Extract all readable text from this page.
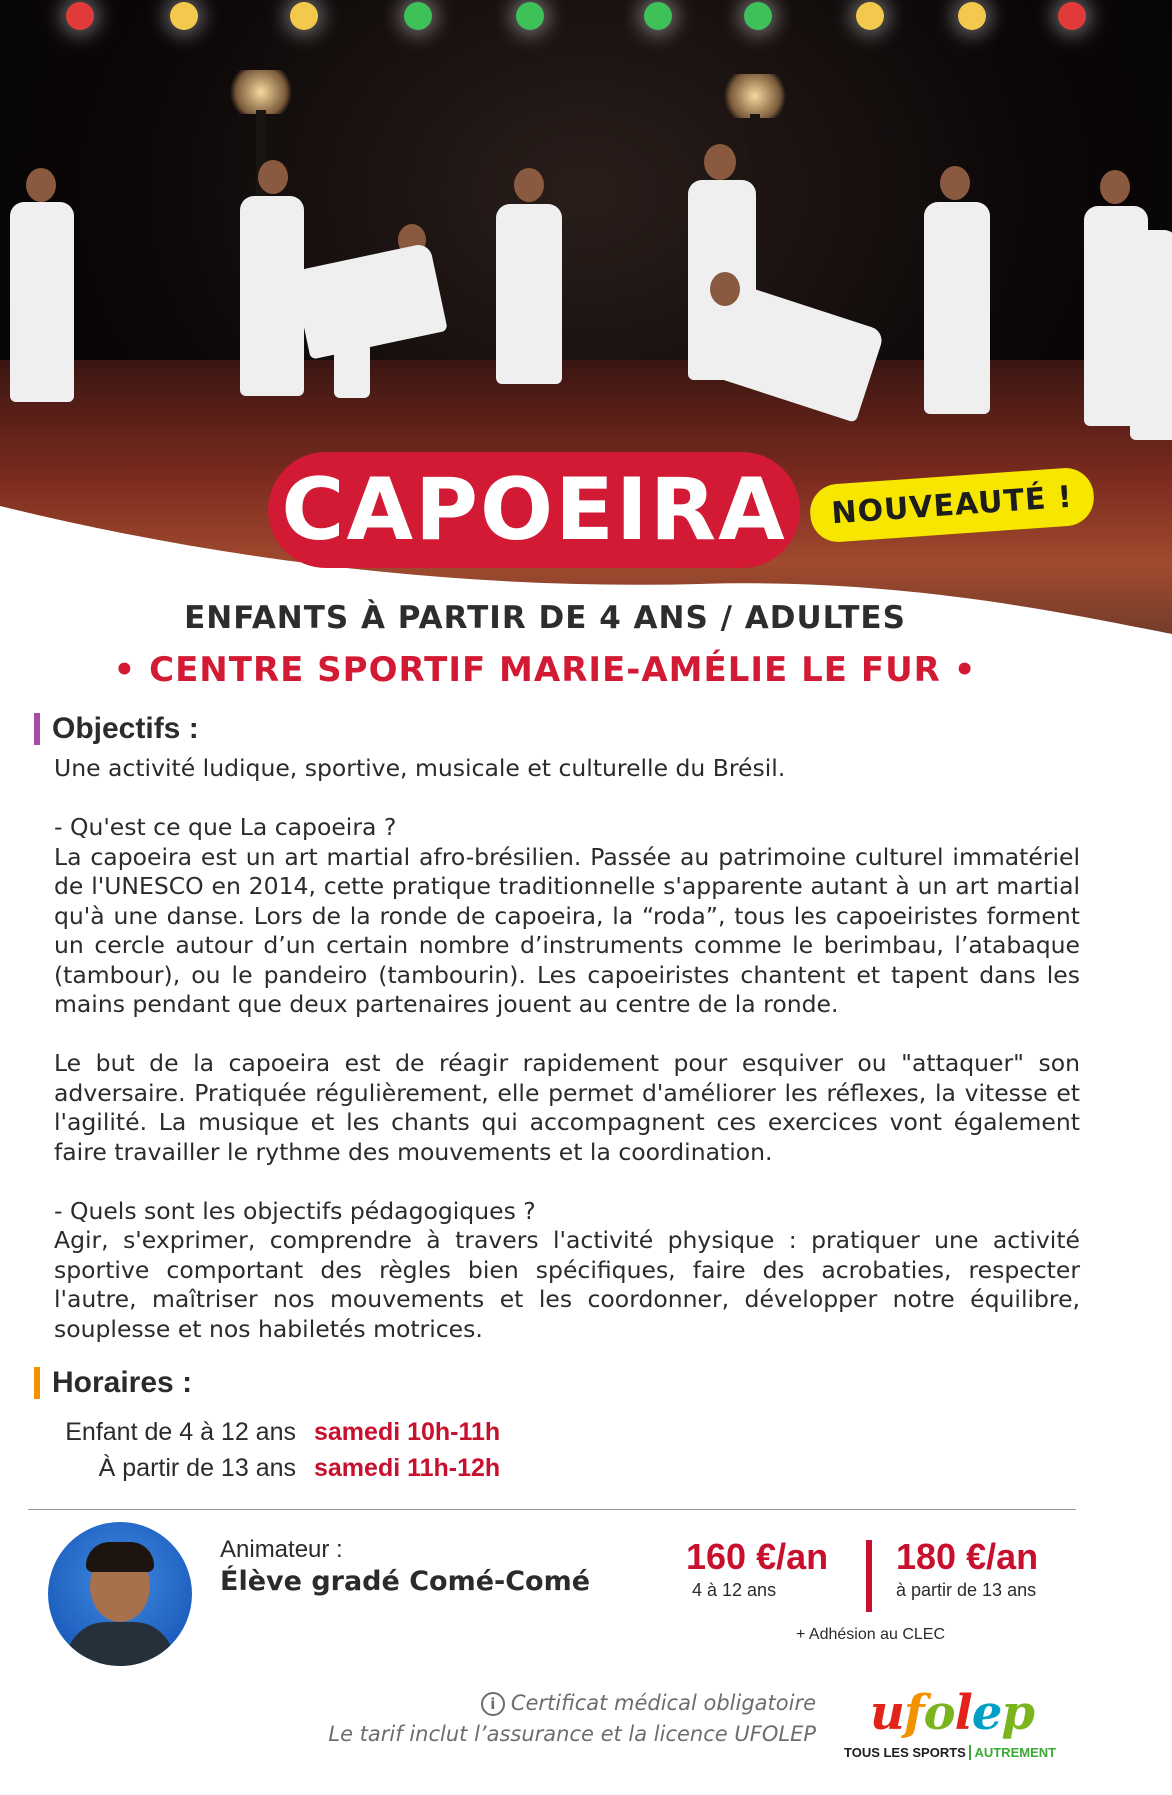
CAPOEIRA NOUVEAUTÉ !
ENFANTS À PARTIR DE 4 ANS / ADULTES
• CENTRE SPORTIF MARIE-AMÉLIE LE FUR •
Objectifs :

Une activité ludique, sportive, musicale et culturelle du Brésil.

- Qu'est ce que La capoeira ?

La capoeira est un art martial afro-brésilien. Passée au patrimoine culturel immatériel de l'UNESCO en 2014, cette pratique traditionnelle s'apparente autant à un art martial qu'à une danse. Lors de la ronde de capoeira, la “roda”, tous les capoeiristes forment un cercle autour d’un certain nombre d’instruments comme le berimbau, l’atabaque (tambour), ou le pandeiro (tambourin). Les capoeiristes chantent et tapent dans les mains pendant que deux partenaires jouent au centre de la ronde.

Le but de la capoeira est de réagir rapidement pour esquiver ou "attaquer" son adversaire. Pratiquée régulièrement, elle permet d'améliorer les réflexes, la vitesse et l'agilité. La musique et les chants qui accompagnent ces exercices vont également faire travailler le rythme des mouvements et la coordination.

- Quels sont les objectifs pédagogiques ?

Agir, s'exprimer, comprendre à travers l'activité physique : pratiquer une activité sportive comportant des règles bien spécifiques, faire des acrobaties, respecter l'autre, maîtriser nos mouvements et les coordonner, développer notre équilibre, souplesse et nos habiletés motrices.

Horaires :
Enfant de 4 à 12 ans samedi 10h-11h
À partir de 13 ans samedi 11h-12h
Animateur :
Élève gradé Comé-Comé
160 €/an
4 à 12 ans
180 €/an
à partir de 13 ans
+ Adhésion au CLEC
i Certificat médical obligatoire
Le tarif inclut l’assurance et la licence UFOLEP ufolep
TOUS LES SPORTS AUTREMENT
